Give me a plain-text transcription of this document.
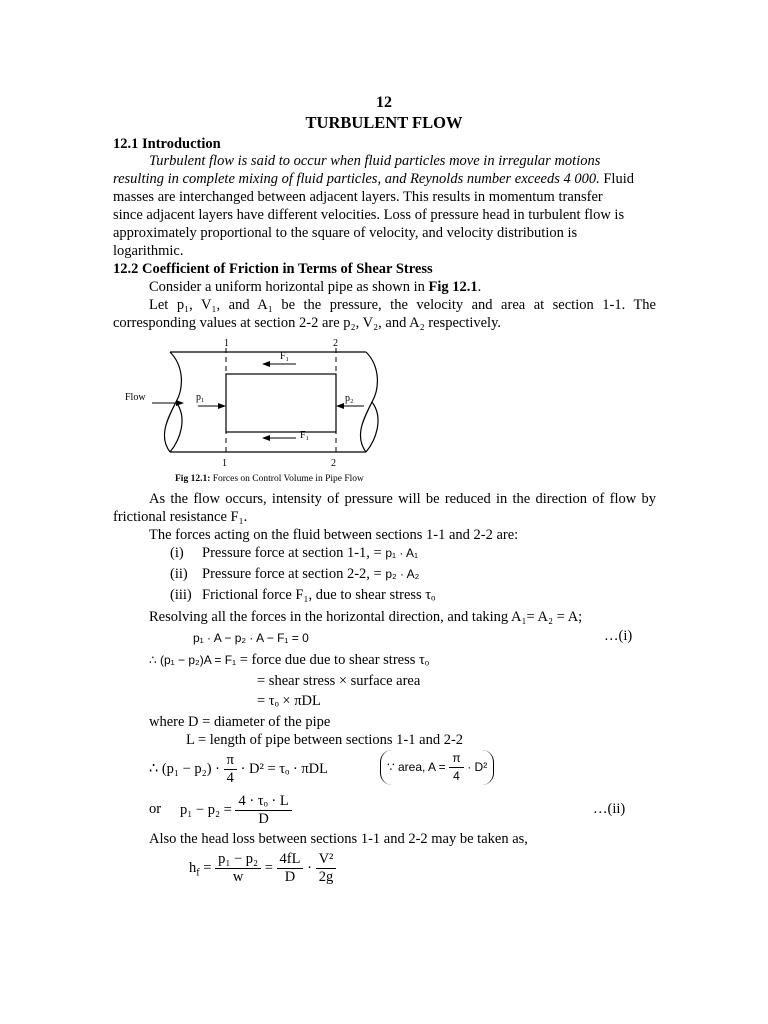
12
TURBULENT FLOW
12.1 Introduction
Turbulent flow is said to occur when fluid particles move in irregular motions
resulting in complete mixing of fluid particles, and Reynolds number exceeds 4 000. Fluid
masses are interchanged between adjacent layers. This results in momentum transfer
since adjacent layers have different velocities. Loss of pressure head in turbulent flow is
approximately proportional to the square of velocity, and velocity distribution is
logarithmic.
12.2 Coefficient of Friction in Terms of Shear Stress
Consider a uniform horizontal pipe as shown in Fig 12.1.
Let p₁, V₁, and A₁ be the pressure, the velocity and area at section 1-1. The
corresponding values at section 2-2 are p₂, V₂, and A₂ respectively.
1	2
F₁
Flow	p₁	p₂
F₁
1	2
Fig 12.1: Forces on Control Volume in Pipe Flow
As the flow occurs, intensity of pressure will be reduced in the direction of flow by
frictional resistance F₁.
The forces acting on the fluid between sections 1-1 and 2-2 are:
(i) Pressure force at section 1-1, = p₁ · A₁
(ii) Pressure force at section 2-2, = p₂ · A₂
(iii) Frictional force F₁, due to shear stress τₒ
Resolving all the forces in the horizontal direction, and taking A₁= A₂ = A;
p₁ · A − p₂ · A − F₁ = 0	…(i)
∴ (p₁ − p₂)A = F₁ = force due due to shear stress τₒ
= shear stress × surface area
= τₒ × πDL
where D = diameter of the pipe
L = length of pipe between sections 1-1 and 2-2
∴ $(p_1 - p_2) \cdot \frac{\pi}{4} \cdot D^2 = \tau_o \cdot \pi DL$	∵ area, $A = \frac{\pi}{4} \cdot D^2$
or $p_1 - p_2 = \frac{\text{4 · τₒ · L}}{D}$	…(ii)
Also the head loss between sections 1-1 and 2-2 may be taken as,
$h_f = \frac{\text{p₁ − p₂}}{w} = \frac{4fL}{D} \cdot \frac{\text{V²}}{2g}$
